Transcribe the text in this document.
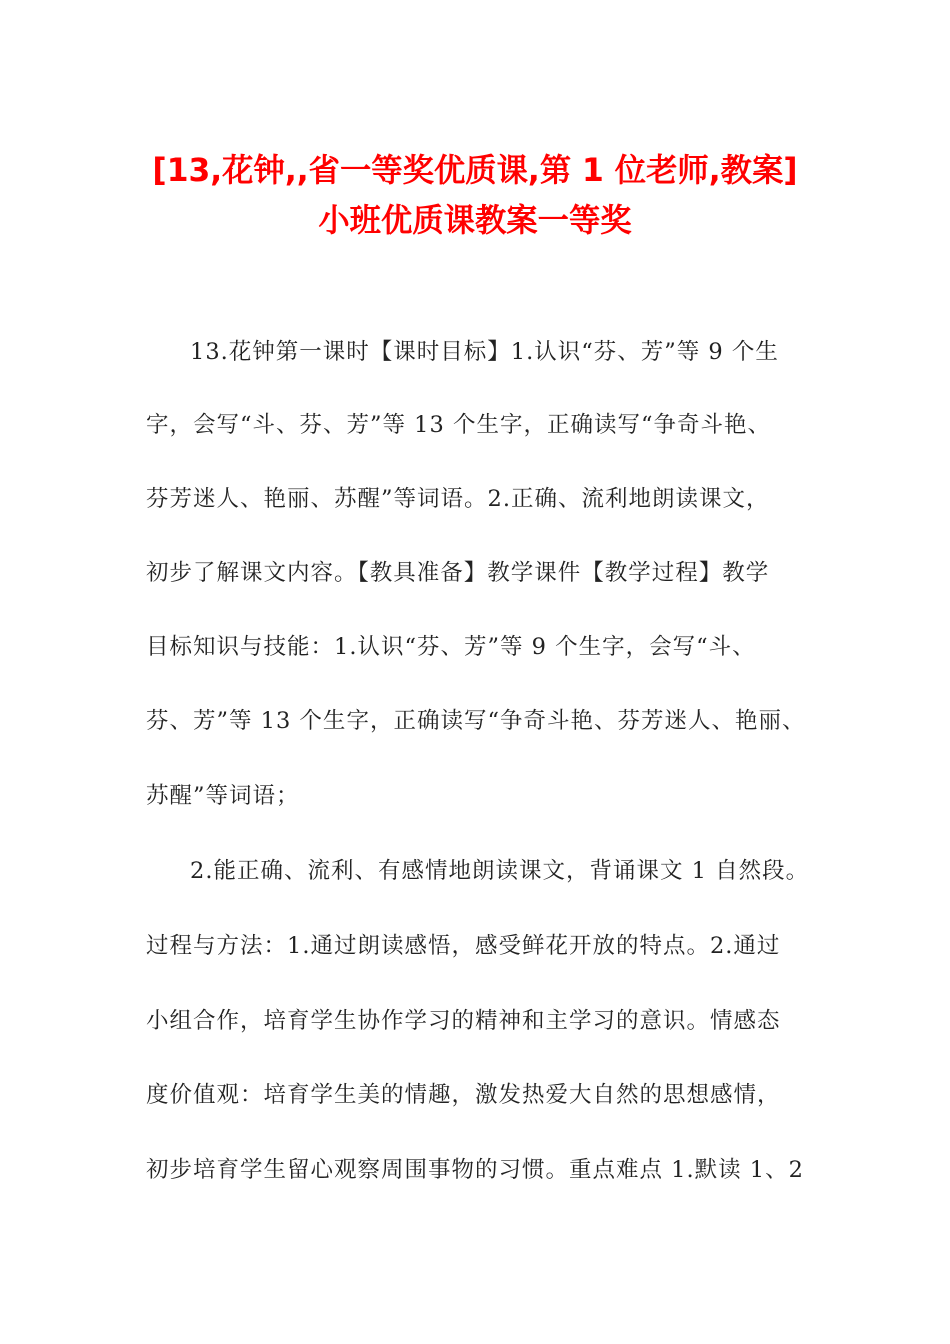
[13,花钟,,省一等奖优质课,第 1 位老师,教案]
小班优质课教案一等奖
13.花钟第一课时【课时目标】1.认识“芬、芳”等 9 个生
字，会写“斗、芬、芳”等 13 个生字，正确读写“争奇斗艳、
芬芳迷人、艳丽、苏醒”等词语。2.正确、流利地朗读课文，
初步了解课文内容。【教具准备】教学课件【教学过程】教学
目标知识与技能：1.认识“芬、芳”等 9 个生字，会写“斗、
芬、芳”等 13 个生字，正确读写“争奇斗艳、芬芳迷人、艳丽、
苏醒”等词语；
2.能正确、流利、有感情地朗读课文，背诵课文 1 自然段。
过程与方法：1.通过朗读感悟，感受鲜花开放的特点。2.通过
小组合作，培育学生协作学习的精神和主学习的意识。情感态
度价值观：培育学生美的情趣，激发热爱大自然的思想感情，
初步培育学生留心观察周围事物的习惯。重点难点 1.默读 1、2
